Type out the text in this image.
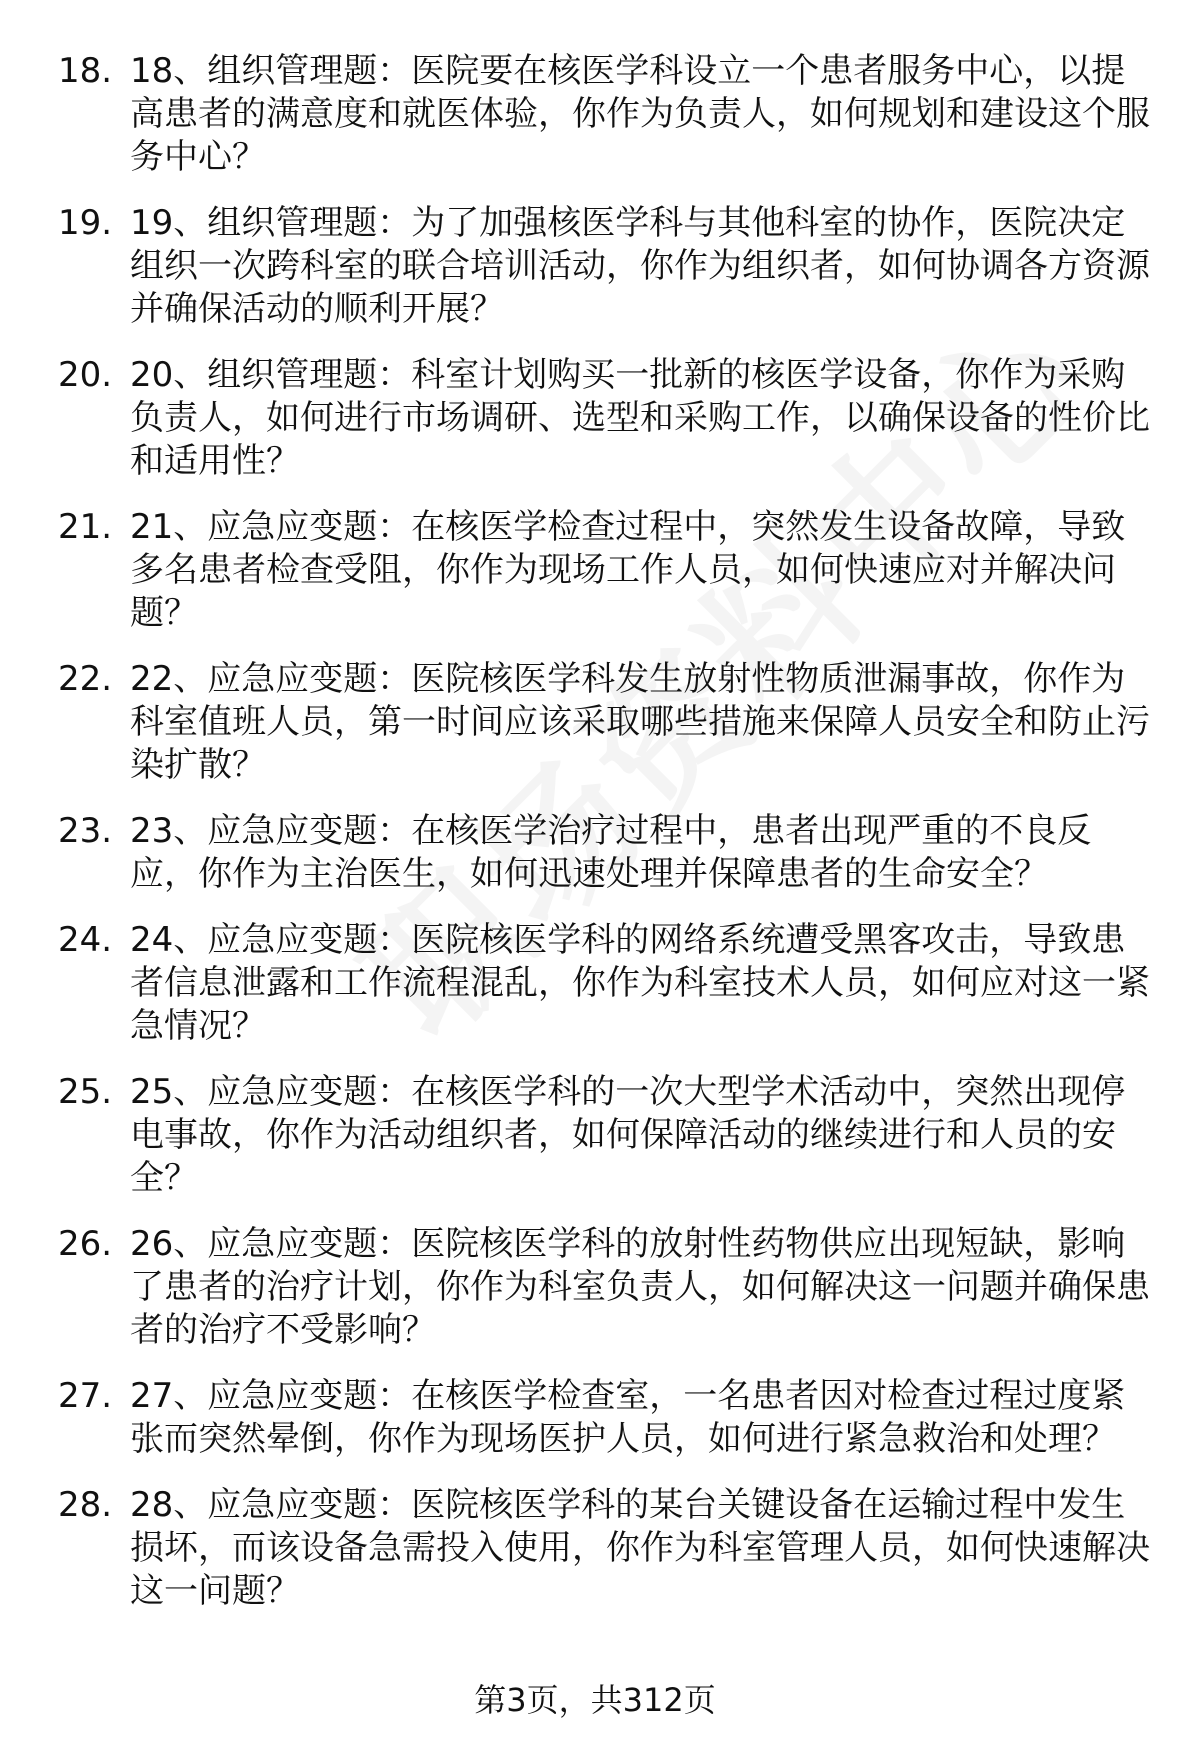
18. 18、组织管理题：医院要在核医学科设立一个患者服务中心，以提高患者的满意度和就医体验，你作为负责人，如何规划和建设这个服务中心？
19. 19、组织管理题：为了加强核医学科与其他科室的协作，医院决定组织一次跨科室的联合培训活动，你作为组织者，如何协调各方资源并确保活动的顺利开展？
20. 20、组织管理题：科室计划购买一批新的核医学设备，你作为采购负责人，如何进行市场调研、选型和采购工作，以确保设备的性价比和适用性？
21. 21、应急应变题：在核医学检查过程中，突然发生设备故障，导致多名患者检查受阻，你作为现场工作人员，如何快速应对并解决问题？
22. 22、应急应变题：医院核医学科发生放射性物质泄漏事故，你作为科室值班人员，第一时间应该采取哪些措施来保障人员安全和防止污染扩散？
23. 23、应急应变题：在核医学治疗过程中，患者出现严重的不良反应，你作为主治医生，如何迅速处理并保障患者的生命安全？
24. 24、应急应变题：医院核医学科的网络系统遭受黑客攻击，导致患者信息泄露和工作流程混乱，你作为科室技术人员，如何应对这一紧急情况？
25. 25、应急应变题：在核医学科的一次大型学术活动中，突然出现停电事故，你作为活动组织者，如何保障活动的继续进行和人员的安全？
26. 26、应急应变题：医院核医学科的放射性药物供应出现短缺，影响了患者的治疗计划，你作为科室负责人，如何解决这一问题并确保患者的治疗不受影响？
27. 27、应急应变题：在核医学检查室，一名患者因对检查过程过度紧张而突然晕倒，你作为现场医护人员，如何进行紧急救治和处理？
28. 28、应急应变题：医院核医学科的某台关键设备在运输过程中发生损坏，而该设备急需投入使用，你作为科室管理人员，如何快速解决这一问题？
第3页，共312页
